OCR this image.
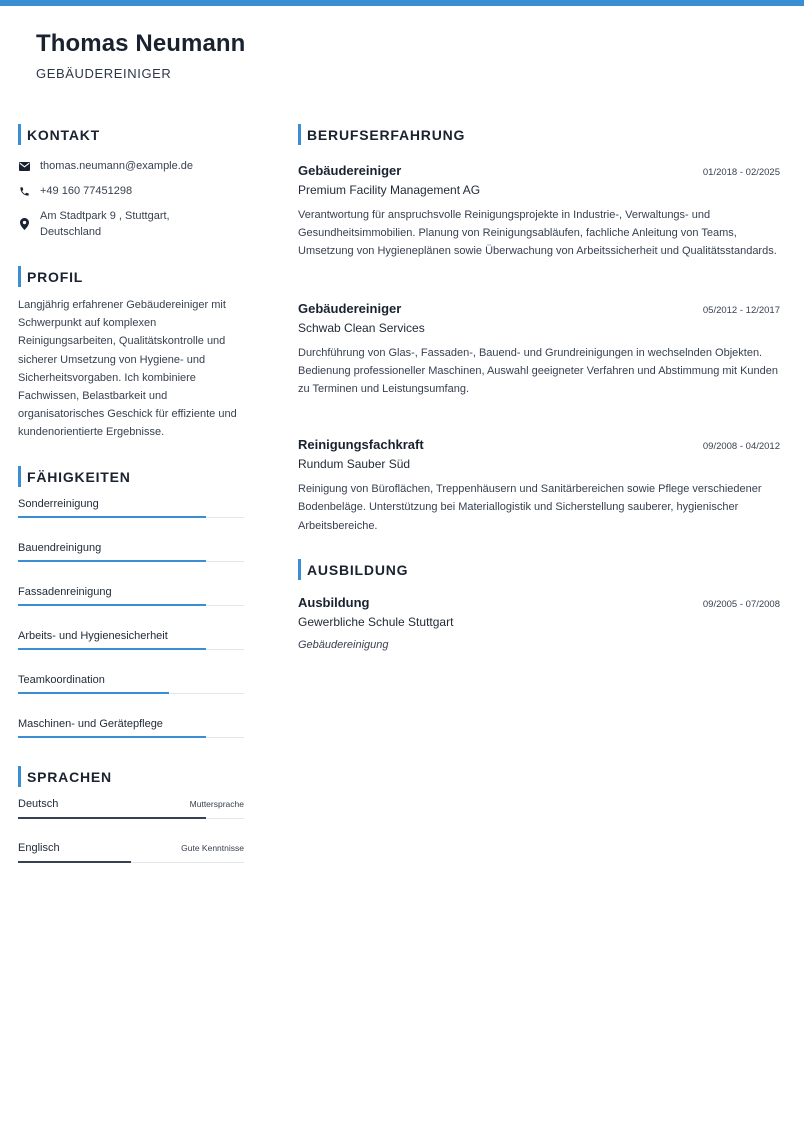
Thomas Neumann
GEBÄUDEREINIGER
KONTAKT
thomas.neumann@example.de
+49 160 77451298
Am Stadtpark 9 , Stuttgart,
Deutschland
PROFIL
Langjährig erfahrener Gebäudereiniger mit Schwerpunkt auf komplexen Reinigungsarbeiten, Qualitätskontrolle und sicherer Umsetzung von Hygiene- und Sicherheitsvorgaben. Ich kombiniere Fachwissen, Belastbarkeit und organisatorisches Geschick für effiziente und kundenorientierte Ergebnisse.
FÄHIGKEITEN
Sonderreinigung
Bauendreinigung
Fassadenreinigung
Arbeits- und Hygienesicherheit
Teamkoordination
Maschinen- und Gerätepflege
SPRACHEN
Deutsch	Muttersprache
Englisch	Gute Kenntnisse
BERUFSERFAHRUNG
Gebäudereiniger	01/2018 - 02/2025
Premium Facility Management AG
Verantwortung für anspruchsvolle Reinigungsprojekte in Industrie-, Verwaltungs- und Gesundheitsimmobilien. Planung von Reinigungsabläufen, fachliche Anleitung von Teams, Umsetzung von Hygieneplänen sowie Überwachung von Arbeitssicherheit und Qualitätsstandards.
Gebäudereiniger	05/2012 - 12/2017
Schwab Clean Services
Durchführung von Glas-, Fassaden-, Bauend- und Grundreinigungen in wechselnden Objekten. Bedienung professioneller Maschinen, Auswahl geeigneter Verfahren und Abstimmung mit Kunden zu Terminen und Leistungsumfang.
Reinigungsfachkraft	09/2008 - 04/2012
Rundum Sauber Süd
Reinigung von Büroflächen, Treppenhäusern und Sanitärbereichen sowie Pflege verschiedener Bodenbeläge. Unterstützung bei Materiallogistik und Sicherstellung sauberer, hygienischer Arbeitsbereiche.
AUSBILDUNG
Ausbildung	09/2005 - 07/2008
Gewerbliche Schule Stuttgart
Gebäudereinigung
